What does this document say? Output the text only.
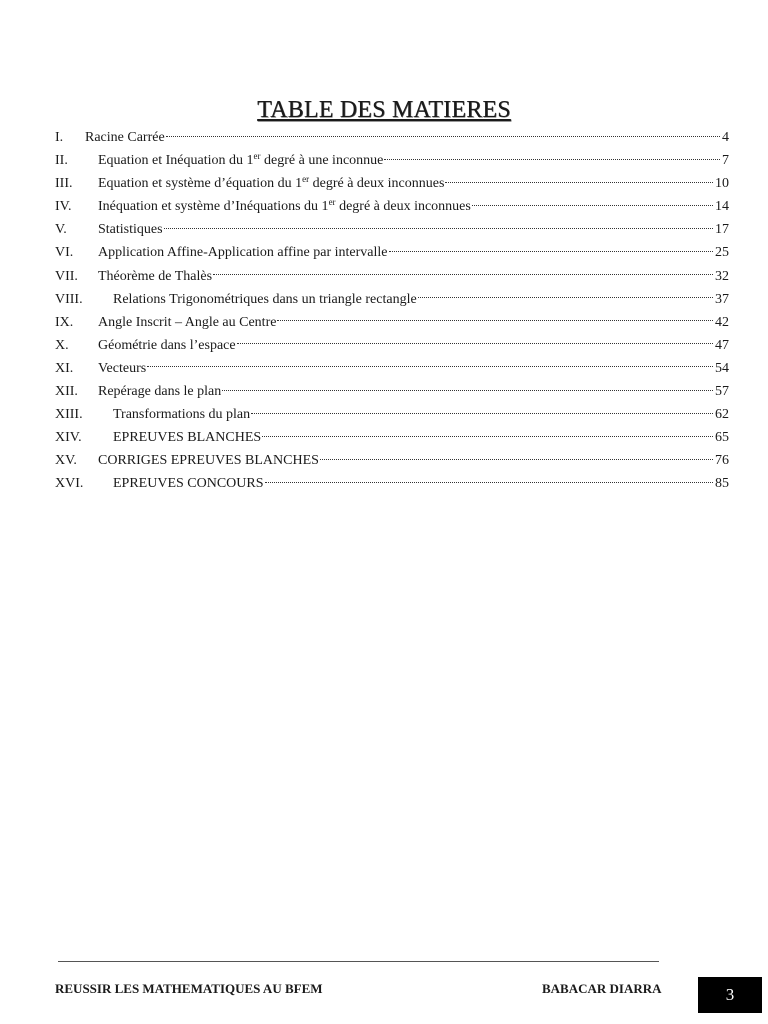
TABLE DES MATIERES
I.	Racine Carrée	4
II.	Equation et Inéquation du 1er degré à une inconnue	7
III.	Equation et système d’équation du 1er degré à deux inconnues	10
IV.	Inéquation et système d’Inéquations du 1er degré à deux inconnues	14
V.	Statistiques	17
VI.	Application Affine-Application affine par intervalle	25
VII.	Théorème de Thalès	32
VIII.	Relations Trigonométriques dans un triangle rectangle	37
IX.	Angle Inscrit – Angle au Centre	42
X.	Géométrie dans l’espace	47
XI.	Vecteurs	54
XII.	Repérage dans le plan	57
XIII.	Transformations du plan	62
XIV.	EPREUVES BLANCHES	65
XV.	CORRIGES EPREUVES BLANCHES	76
XVI.	EPREUVES CONCOURS	85
REUSSIR LES MATHEMATIQUES AU BFEM	BABACAR DIARRA	3
